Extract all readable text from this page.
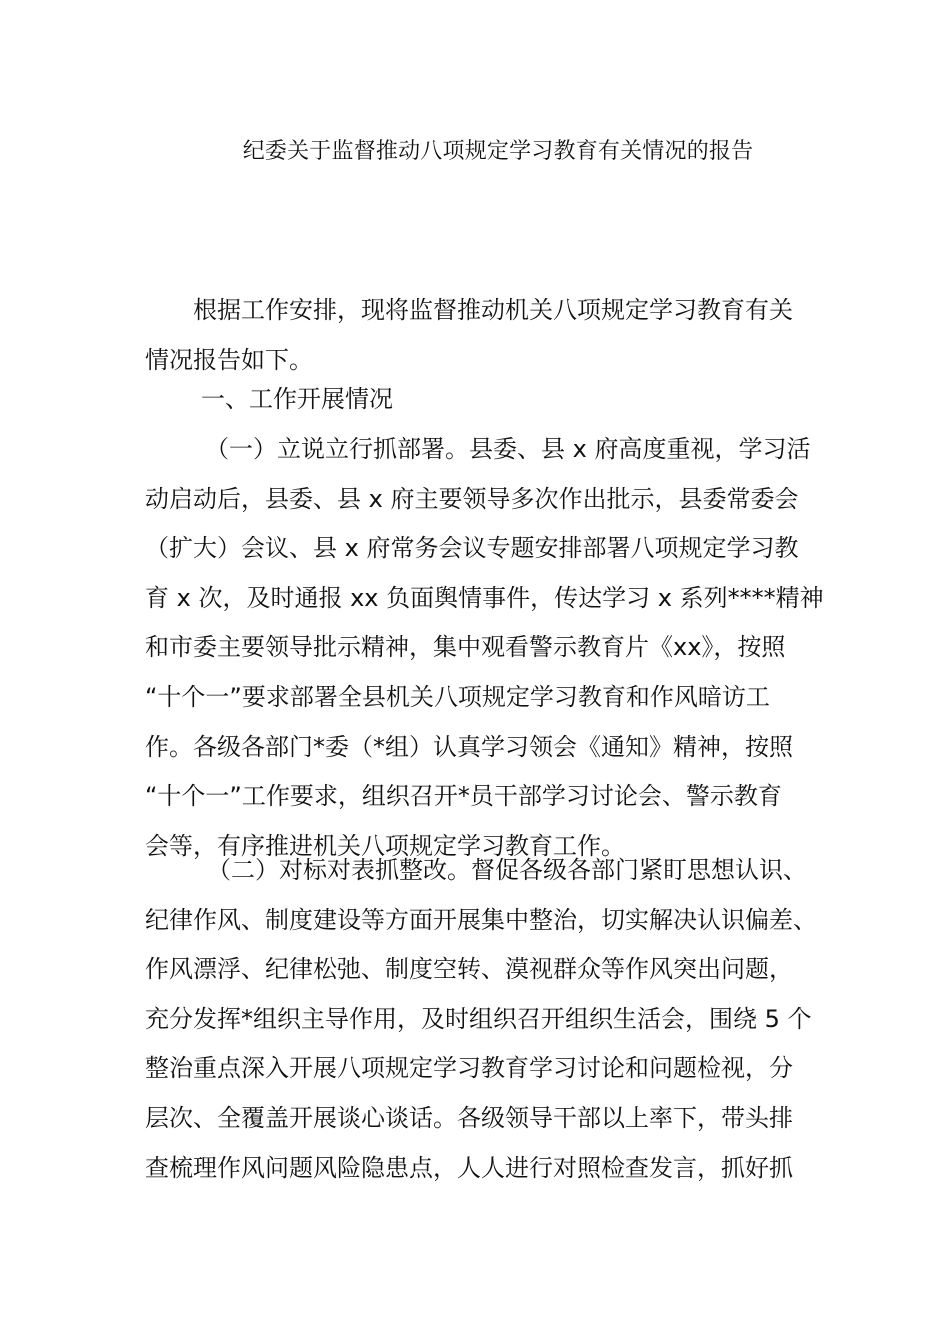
纪委关于监督推动八项规定学习教育有关情况的报告
根据工作安排，现将监督推动机关八项规定学习教育有关
情况报告如下。
一、工作开展情况
（一）立说立行抓部署。县委、县 x 府高度重视，学习活
动启动后，县委、县 x 府主要领导多次作出批示，县委常委会
（扩大）会议、县 x 府常务会议专题安排部署八项规定学习教
育 x 次，及时通报 xx 负面舆情事件，传达学习 x 系列****精神
和市委主要领导批示精神，集中观看警示教育片《xx》，按照
“十个一”要求部署全县机关八项规定学习教育和作风暗访工
作。各级各部门*委（*组）认真学习领会《通知》精神，按照
“十个一”工作要求，组织召开*员干部学习讨论会、警示教育
会等，有序推进机关八项规定学习教育工作。
（二）对标对表抓整改。督促各级各部门紧盯思想认识、
纪律作风、制度建设等方面开展集中整治，切实解决认识偏差、
作风漂浮、纪律松弛、制度空转、漠视群众等作风突出问题，
充分发挥*组织主导作用，及时组织召开组织生活会，围绕 5 个
整治重点深入开展八项规定学习教育学习讨论和问题检视，分
层次、全覆盖开展谈心谈话。各级领导干部以上率下，带头排
查梳理作风问题风险隐患点，人人进行对照检查发言，抓好抓
